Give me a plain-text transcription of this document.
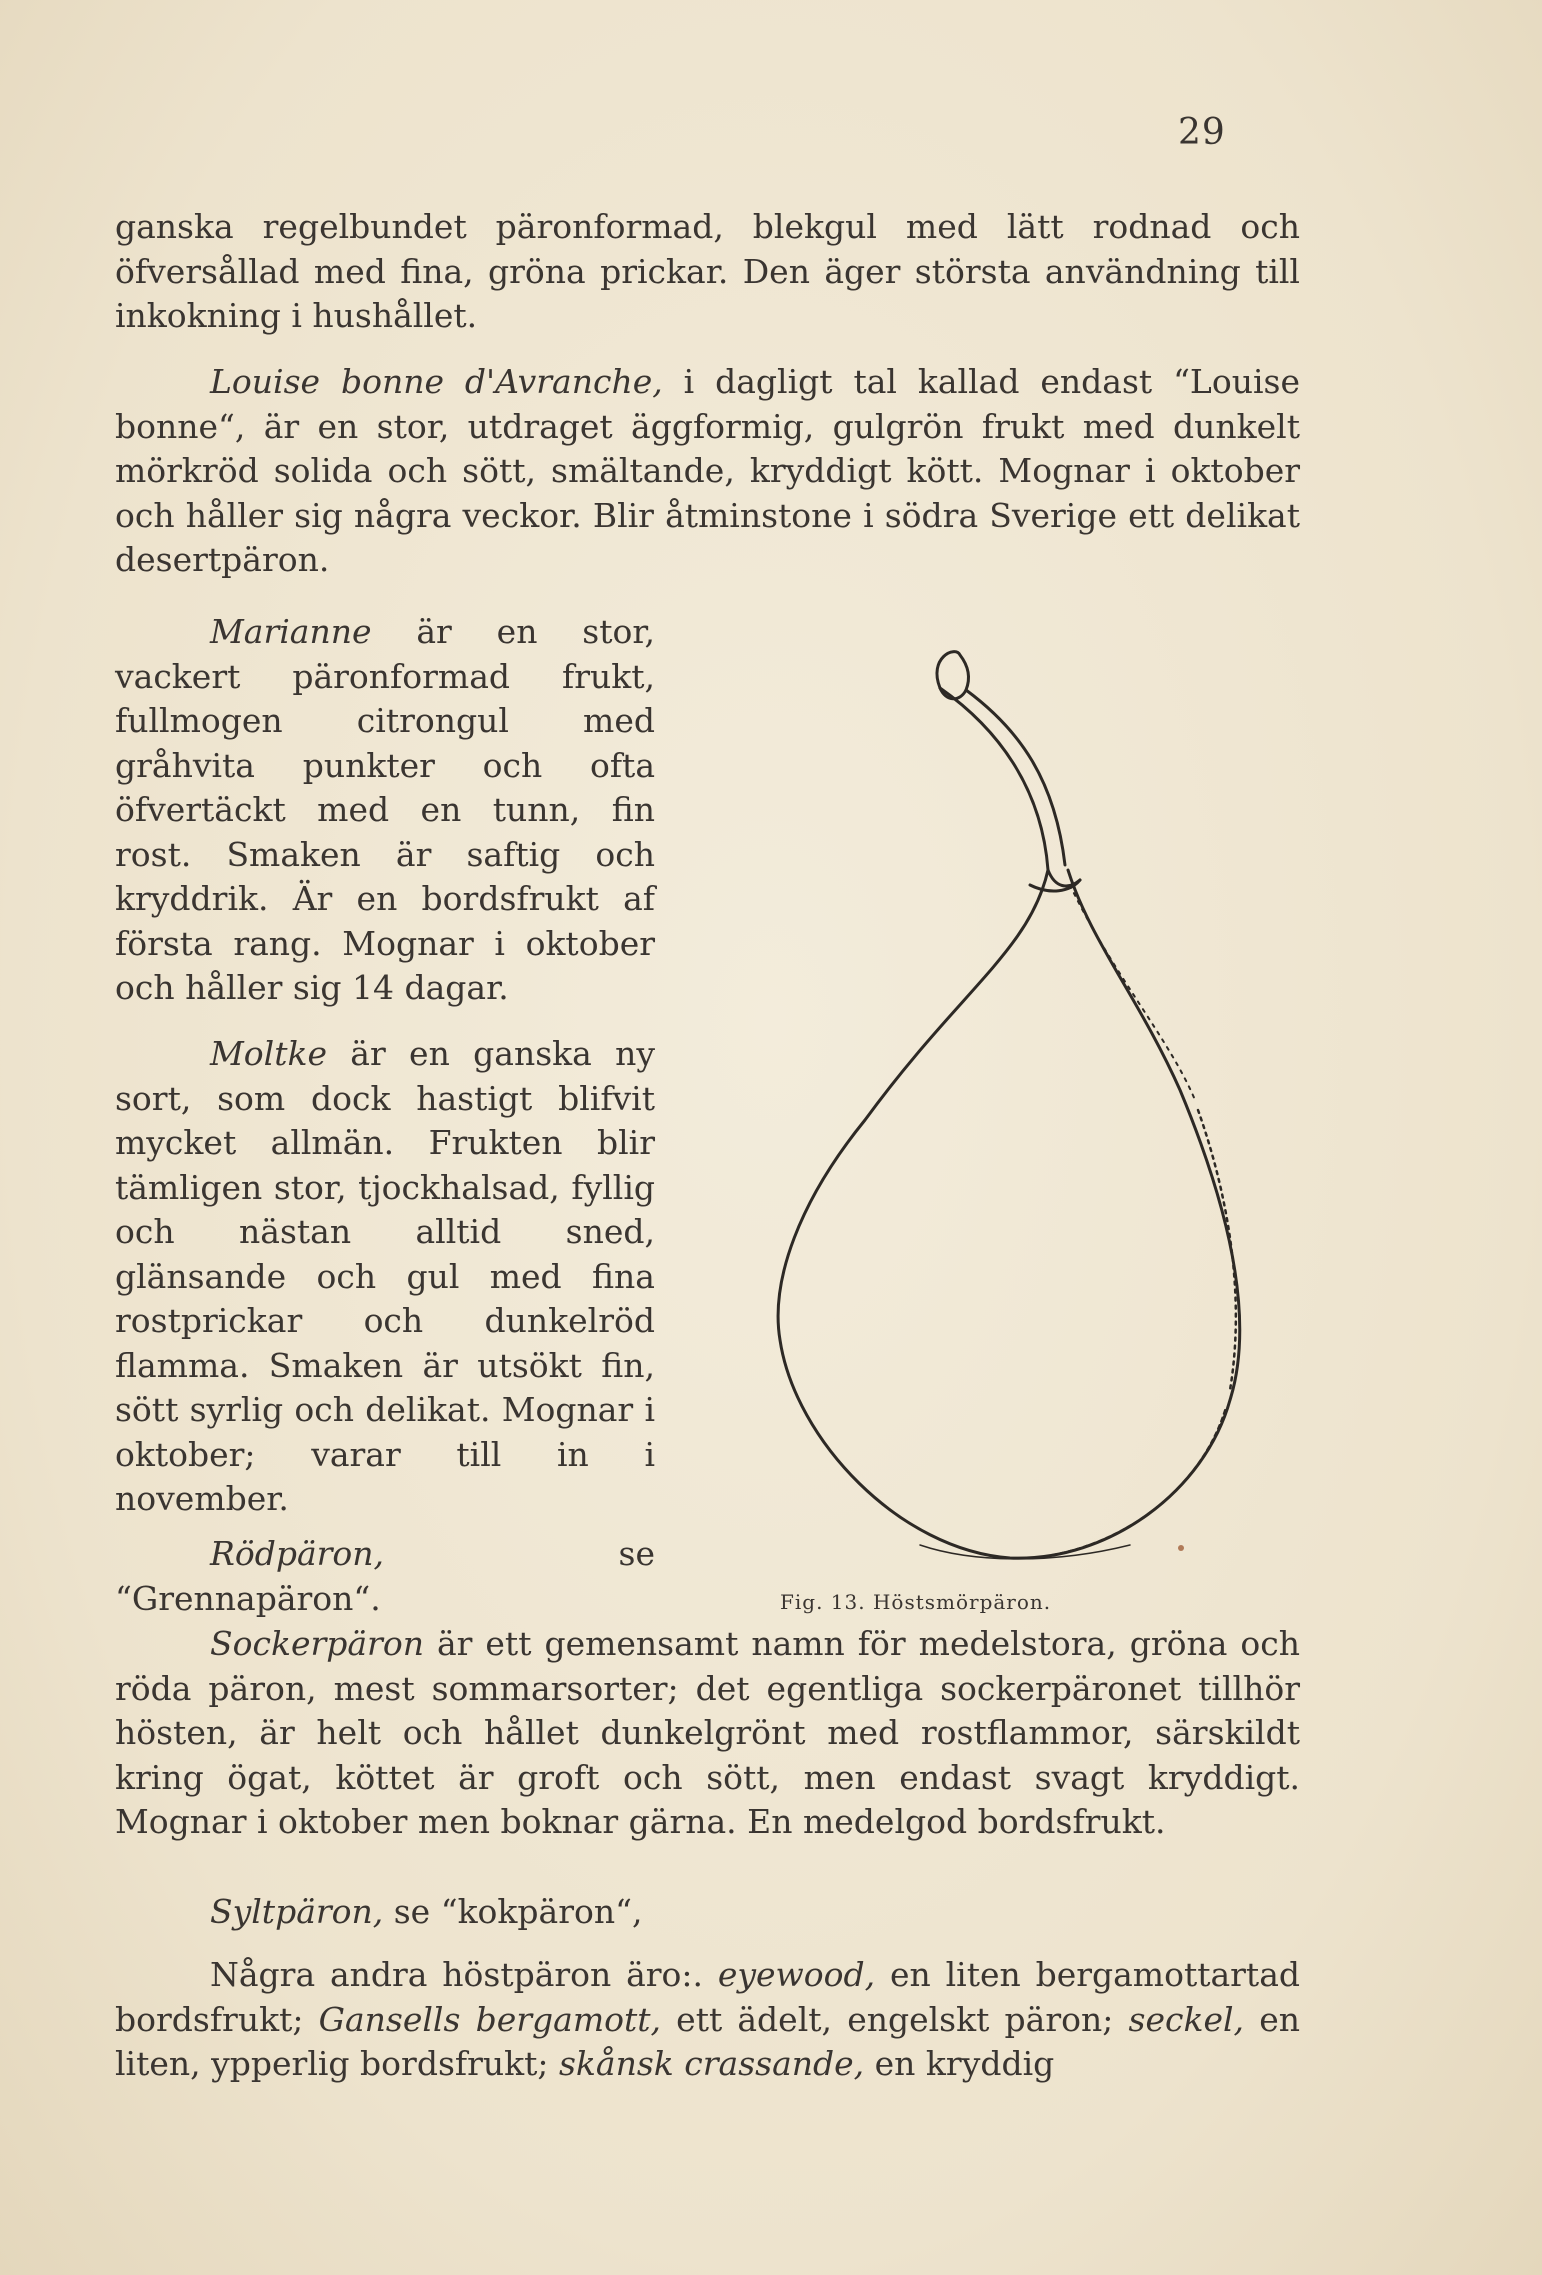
29

ganska regelbundet päronformad, blekgul med lätt rodnad och öfversållad med fina, gröna prickar. Den äger största användning till inkokning i hushållet.

Louise bonne d'Avranche, i dagligt tal kallad endast “Louise bonne“, är en stor, utdraget äggformig, gulgrön frukt med dunkelt mörkröd solida och sött, smältande, kryddigt kött. Mognar i oktober och håller sig några veckor. Blir åtminstone i södra Sverige ett delikat desertpäron.

Marianne är en stor, vackert päronformad frukt, fullmogen citrongul med gråhvita punkter och ofta öfvertäckt med en tunn, fin rost. Smaken är saftig och kryddrik. Är en bordsfrukt af första rang. Mognar i oktober och håller sig 14 dagar.

Moltke är en ganska ny sort, som dock hastigt blifvit mycket allmän. Frukten blir tämligen stor, tjockhalsad, fyllig och nästan alltid sned, glänsande och gul med fina rostprickar och dunkelröd flamma. Smaken är utsökt fin, sött syrlig och delikat. Mognar i oktober; varar till in i november.

Rödpäron, se “Grennapäron“.

Sockerpäron är ett gemensamt namn för medelstora, gröna och röda päron, mest sommarsorter; det egentliga sockerpäronet tillhör hösten, är helt och hållet dunkelgrönt med rostflammor, särskildt kring ögat, köttet är groft och sött, men endast svagt kryddigt. Mognar i oktober men boknar gärna. En medelgod bordsfrukt.

Syltpäron, se “kokpäron“,

Några andra höstpäron äro:. eyewood, en liten bergamottartad bordsfrukt; Gansells bergamott, ett ädelt, engelskt päron; seckel, en liten, ypperlig bordsfrukt; skånsk crassande, en kryddig

Fig. 13. Höstsmörpäron.
